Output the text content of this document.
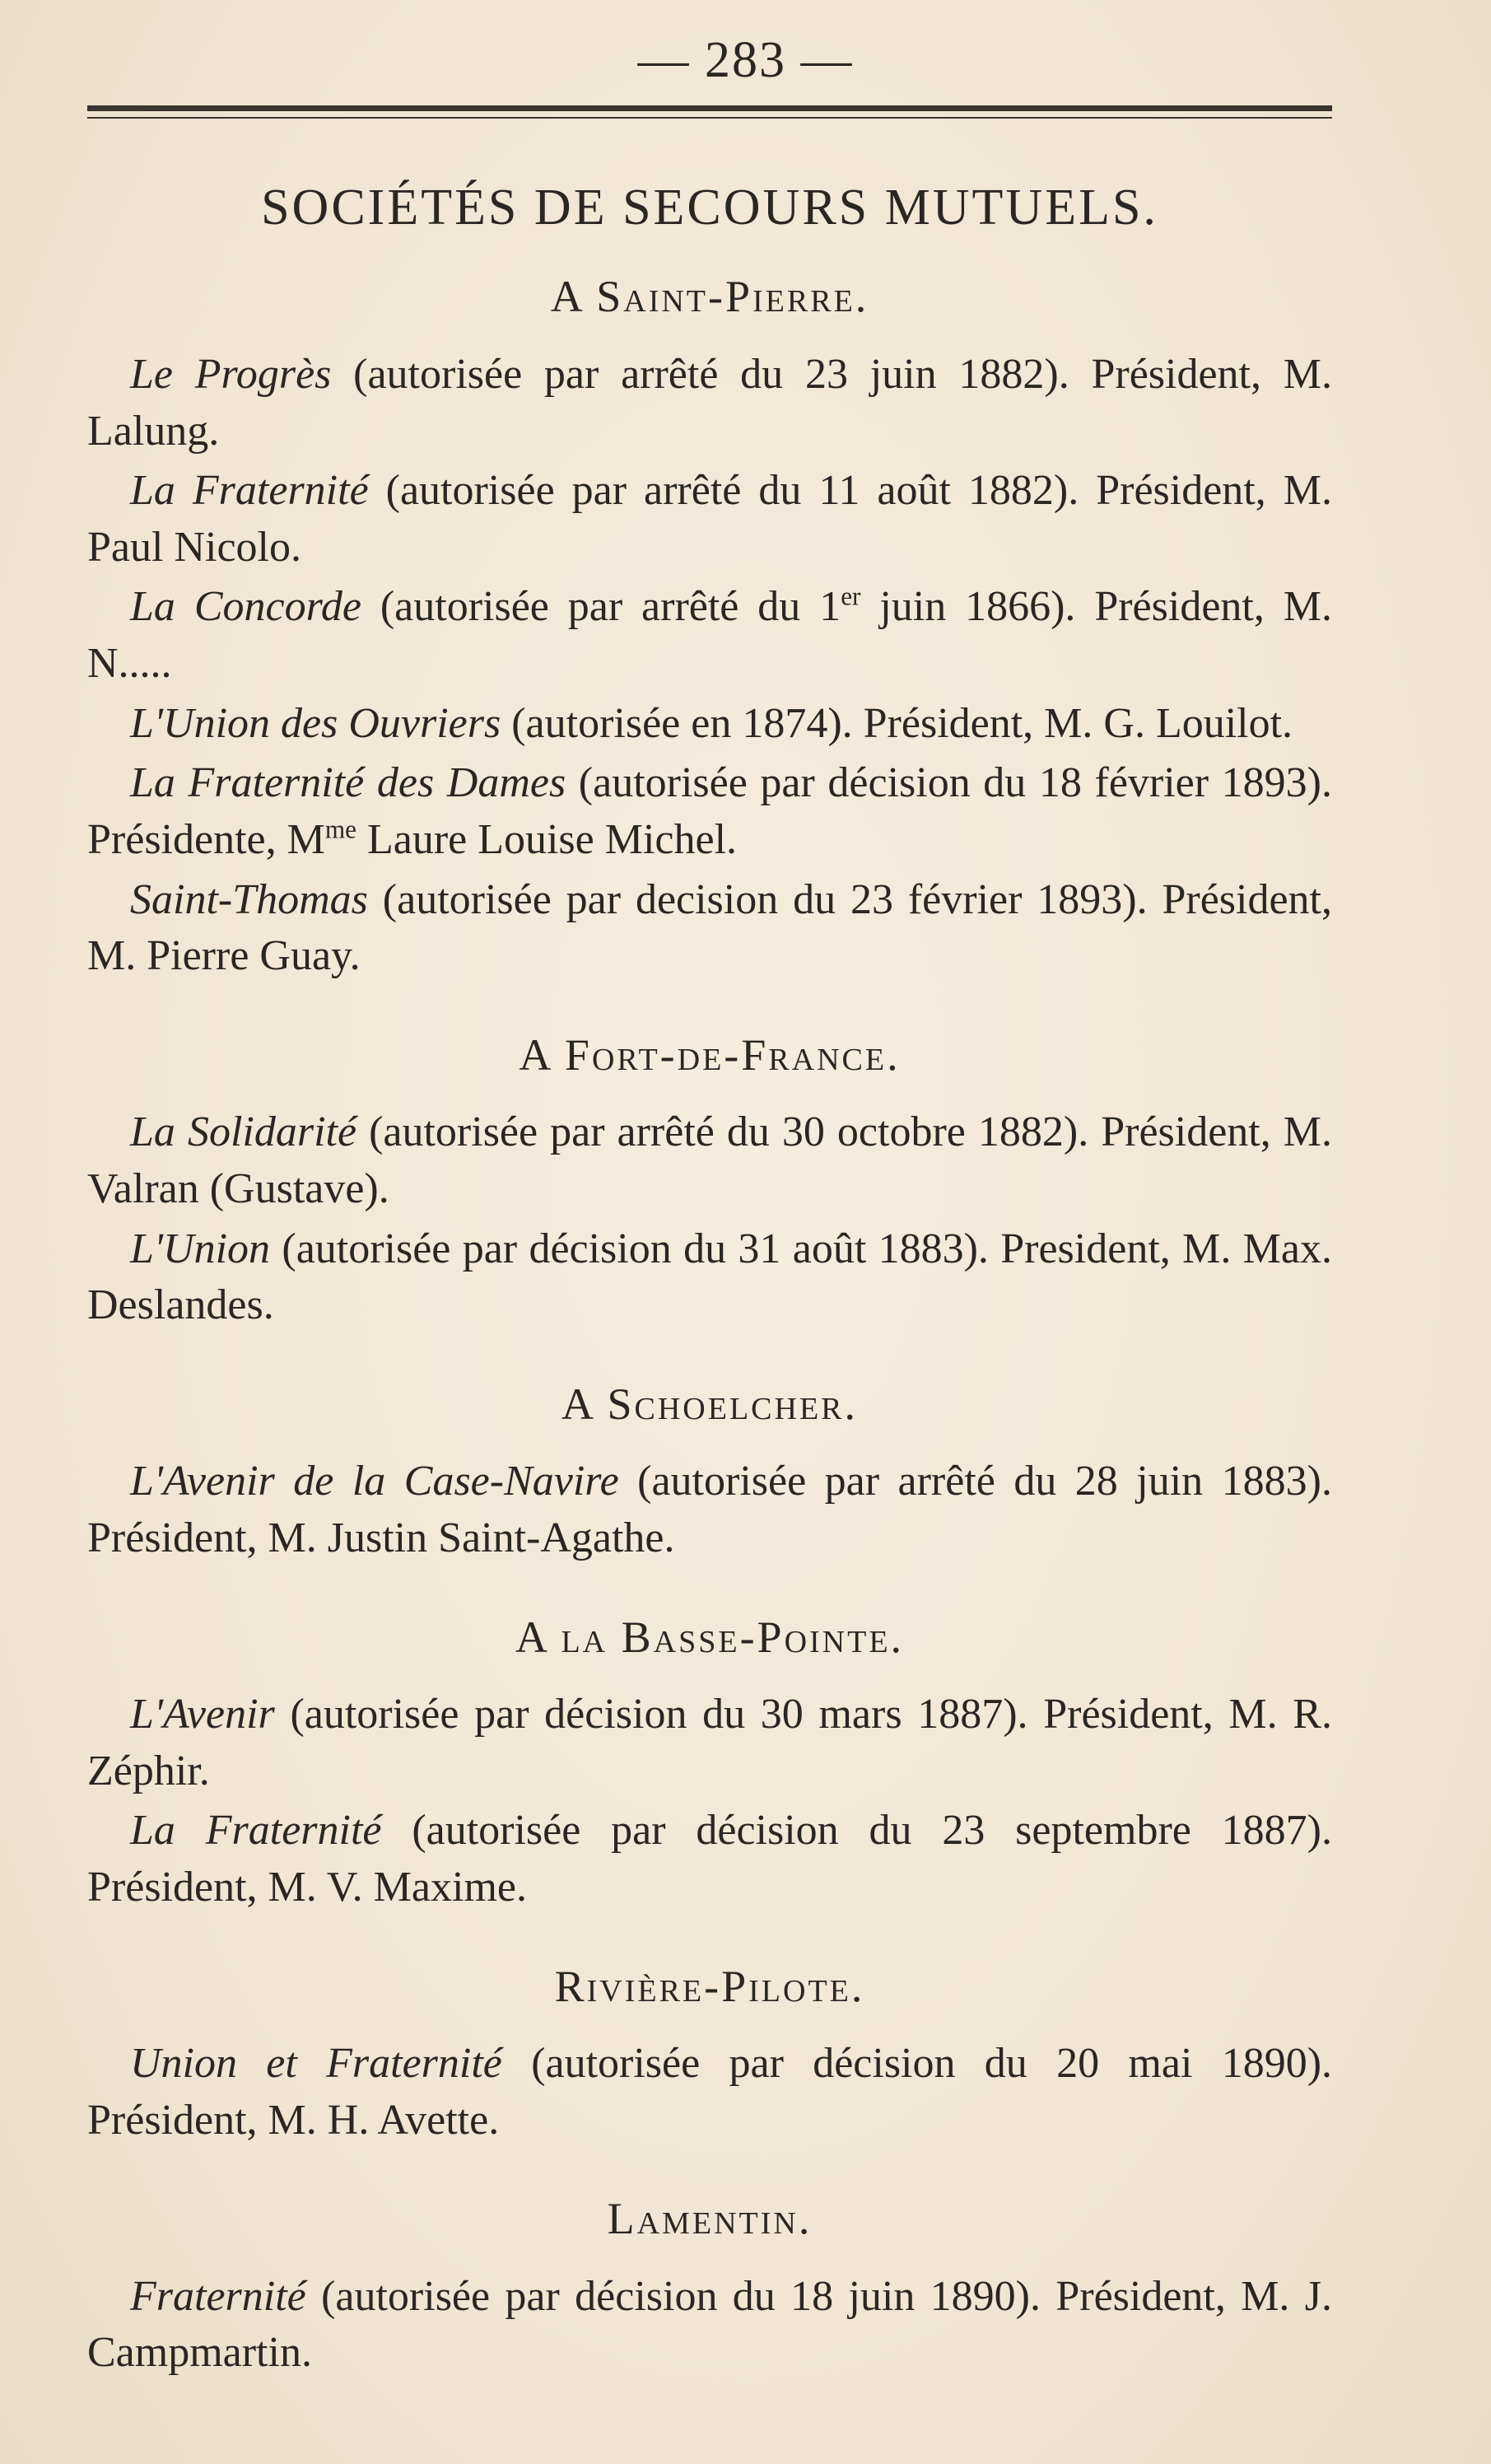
— 283 —
SOCIÉTÉS DE SECOURS MUTUELS.
A Saint-Pierre.

Le Progrès (autorisée par arrêté du 23 juin 1882). Président, M. Lalung.

La Fraternité (autorisée par arrêté du 11 août 1882). Président, M. Paul Nicolo.

La Concorde (autorisée par arrêté du 1er juin 1866). Président, M. N.....

L'Union des Ouvriers (autorisée en 1874). Président, M. G. Louilot.

La Fraternité des Dames (autorisée par décision du 18 février 1893). Présidente, $M^{me}$ Laure Louise Michel.

Saint-Thomas (autorisée par decision du 23 février 1893). Président, M. Pierre Guay.

A Fort-de-France.

La Solidarité (autorisée par arrêté du 30 octobre 1882). Président, M. Valran (Gustave).

L'Union (autorisée par décision du 31 août 1883). President, M. Max. Deslandes.

A Schoelcher.

L'Avenir de la Case-Navire (autorisée par arrêté du 28 juin 1883). Président, M. Justin Saint-Agathe.

A la Basse-Pointe.

L'Avenir (autorisée par décision du 30 mars 1887). Président, M. R. Zéphir.

La Fraternité (autorisée par décision du 23 septembre 1887). Président, M. V. Maxime.

Rivière-Pilote.

Union et Fraternité (autorisée par décision du 20 mai 1890). Président, M. H. Avette.

Lamentin.

Fraternité (autorisée par décision du 18 juin 1890). Président, M. J. Campmartin.
